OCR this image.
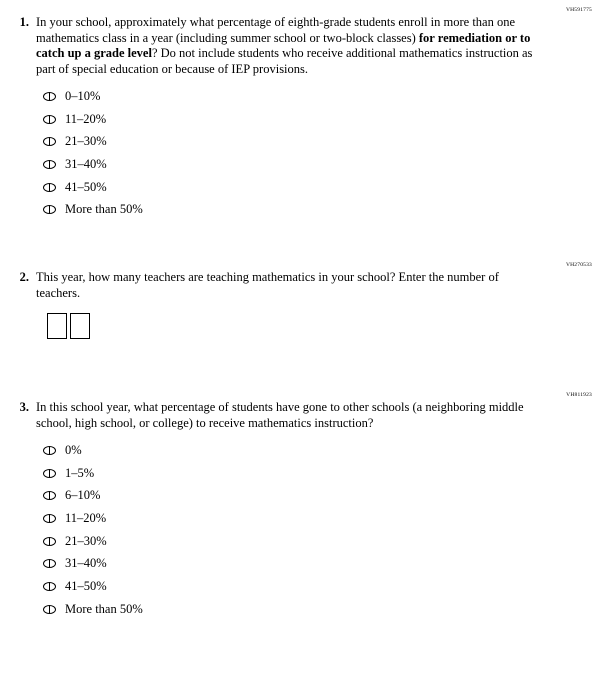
VH591775
1. In your school, approximately what percentage of eighth-grade students enroll in more than one mathematics class in a year (including summer school or two-block classes) for remediation or to catch up a grade level? Do not include students who receive additional mathematics instruction as part of special education or because of IEP provisions.
0–10%
11–20%
21–30%
31–40%
41–50%
More than 50%
VH270533
2. This year, how many teachers are teaching mathematics in your school? Enter the number of teachers.
VH811923
3. In this school year, what percentage of students have gone to other schools (a neighboring middle school, high school, or college) to receive mathematics instruction?
0%
1–5%
6–10%
11–20%
21–30%
31–40%
41–50%
More than 50%
